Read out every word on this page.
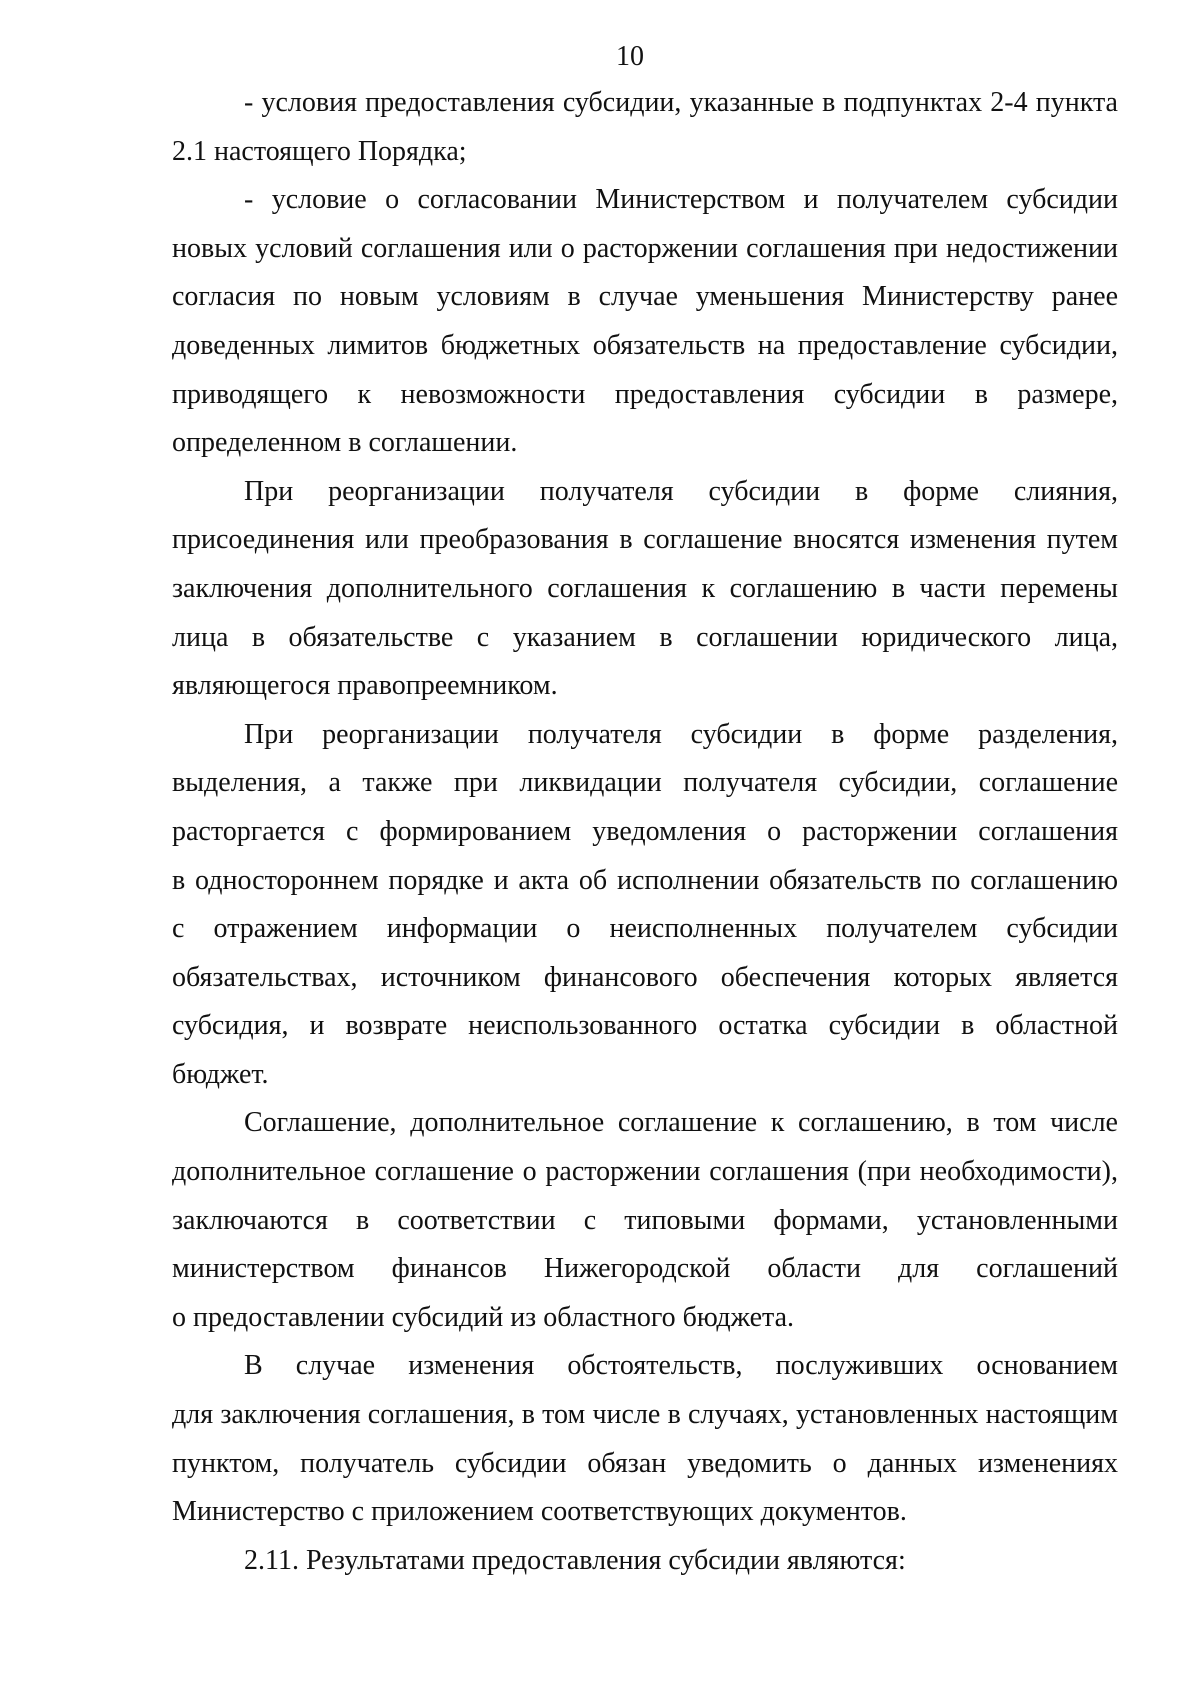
10
- условия предоставления субсидии, указанные в подпунктах 2-4 пункта
2.1 настоящего Порядка;
- условие о согласовании Министерством и получателем субсидии
новых условий соглашения или о расторжении соглашения при недостижении
согласия по новым условиям в случае уменьшения Министерству ранее
доведенных лимитов бюджетных обязательств на предоставление субсидии,
приводящего к невозможности предоставления субсидии в размере,
определенном в соглашении.
При реорганизации получателя субсидии в форме слияния,
присоединения или преобразования в соглашение вносятся изменения путем
заключения дополнительного соглашения к соглашению в части перемены
лица в обязательстве с указанием в соглашении юридического лица,
являющегося правопреемником.
При реорганизации получателя субсидии в форме разделения,
выделения, а также при ликвидации получателя субсидии, соглашение
расторгается с формированием уведомления о расторжении соглашения
в одностороннем порядке и акта об исполнении обязательств по соглашению
с отражением информации о неисполненных получателем субсидии
обязательствах, источником финансового обеспечения которых является
субсидия, и возврате неиспользованного остатка субсидии в областной
бюджет.
Соглашение, дополнительное соглашение к соглашению, в том числе
дополнительное соглашение о расторжении соглашения (при необходимости),
заключаются в соответствии с типовыми формами, установленными
министерством финансов Нижегородской области для соглашений
о предоставлении субсидий из областного бюджета.
В случае изменения обстоятельств, послуживших основанием
для заключения соглашения, в том числе в случаях, установленных настоящим
пунктом, получатель субсидии обязан уведомить о данных изменениях
Министерство с приложением соответствующих документов.
2.11. Результатами предоставления субсидии являются:
